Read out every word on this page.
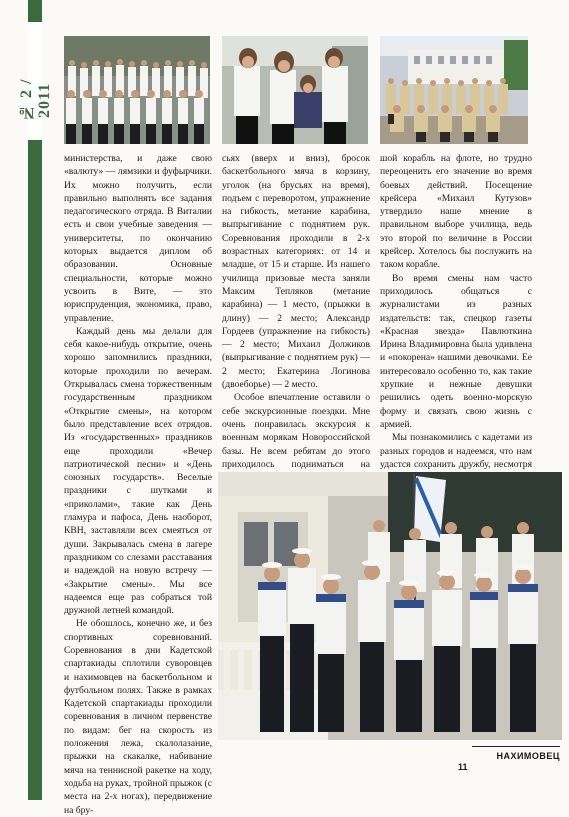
№ 2 / 2011

министерства, и даже свою «валюту» — лямзики и фуфырчики. Их можно получить, если правильно выполнять все задания педагогического отряда. В Виталии есть и свои учебные заведения — университеты, по окончанию которых выдается диплом об образовании. Основные специальности, которые можно усвоить в Вите, — это юриспруденция, экономика, право, управление.

Каждый день мы делали для себя какое-нибудь открытие, очень хорошо запомнились праздники, которые проходили по вечерам. Открывалась смена торжественным государственным праздником «Открытие смены», на котором было представление всех отрядов. Из «государственных» праздников еще проходили «Вечер патриотической песни» и «День союзных государств». Веселые праздники с шутками и «приколами», такие как День гламура и пафоса, День наоборот, КВН, заставляли всех смеяться от души. Закрывалась смена в лагере праздником со слезами расставания и надеждой на новую встречу — «Закрытие смены». Мы все надеемся еще раз собраться той дружной летней командой.

Не обошлось, конечно же, и без спортивных соревнований. Соревнования в дни Кадетской спартакиады сплотили суворовцев и нахимовцев на баскетбольном и футбольном полях. Также в рамках Кадетской спартакиады проходили соревнования в личном первенстве по видам: бег на скорость из положения лежа, скалолазание, прыжки на скакалке, набивание мяча на теннисной ракетке на ходу, ходьба на руках, тройной прыжок (с места на 2-х ногах), передвижение на бру-

сьях (вверх и вниз), бросок баскетбольного мяча в корзину, уголок (на брусьях на время), подъем с переворотом, упражнение на гибкость, метание карабина, выпрыгивание с поднятием рук. Соревнования проходили в 2-х возрастных категориях: от 14 и младше, от 15 и старше. Из нашего училища призовые места заняли Максим Тепляков (метание карабина) — 1 место, (прыжки в длину) — 2 место; Александр Гордеев (упражнение на гибкость) — 2 место; Михаил Должиков (выпрыгивание с поднятием рук) — 2 место; Екатерина Логинова (двоеборье) — 2 место.

Особое впечатление оставили о себе экскурсионные поездки. Мне очень понравилась экскурсия к военным морякам Новороссийской базы. Не всем ребятам до этого приходилось подниматься на

шой корабль на флоте, но трудно переоценить его значение во время боевых действий. Посещение крейсера «Михаил Кутузов» утвердило наше мнение в правильном выборе училища, ведь это второй по величине в России крейсер. Хотелось бы послужить на таком корабле.

Во время смены нам часто приходилось общаться с журналистами из разных издательств: так, спецкор газеты «Красная звезда» Павлюткина Ирина Владимировна была удивлена и «покорена» нашими девочками. Ее интересовало особенно то, как такие хрупкие и нежные девушки решились одеть военно-морскую форму и связать свою жизнь с армией.

Мы познакомились с кадетами из разных городов и надеемся, что нам удастся сохранить дружбу, несмотря

НАХИМОВЕЦ
11
